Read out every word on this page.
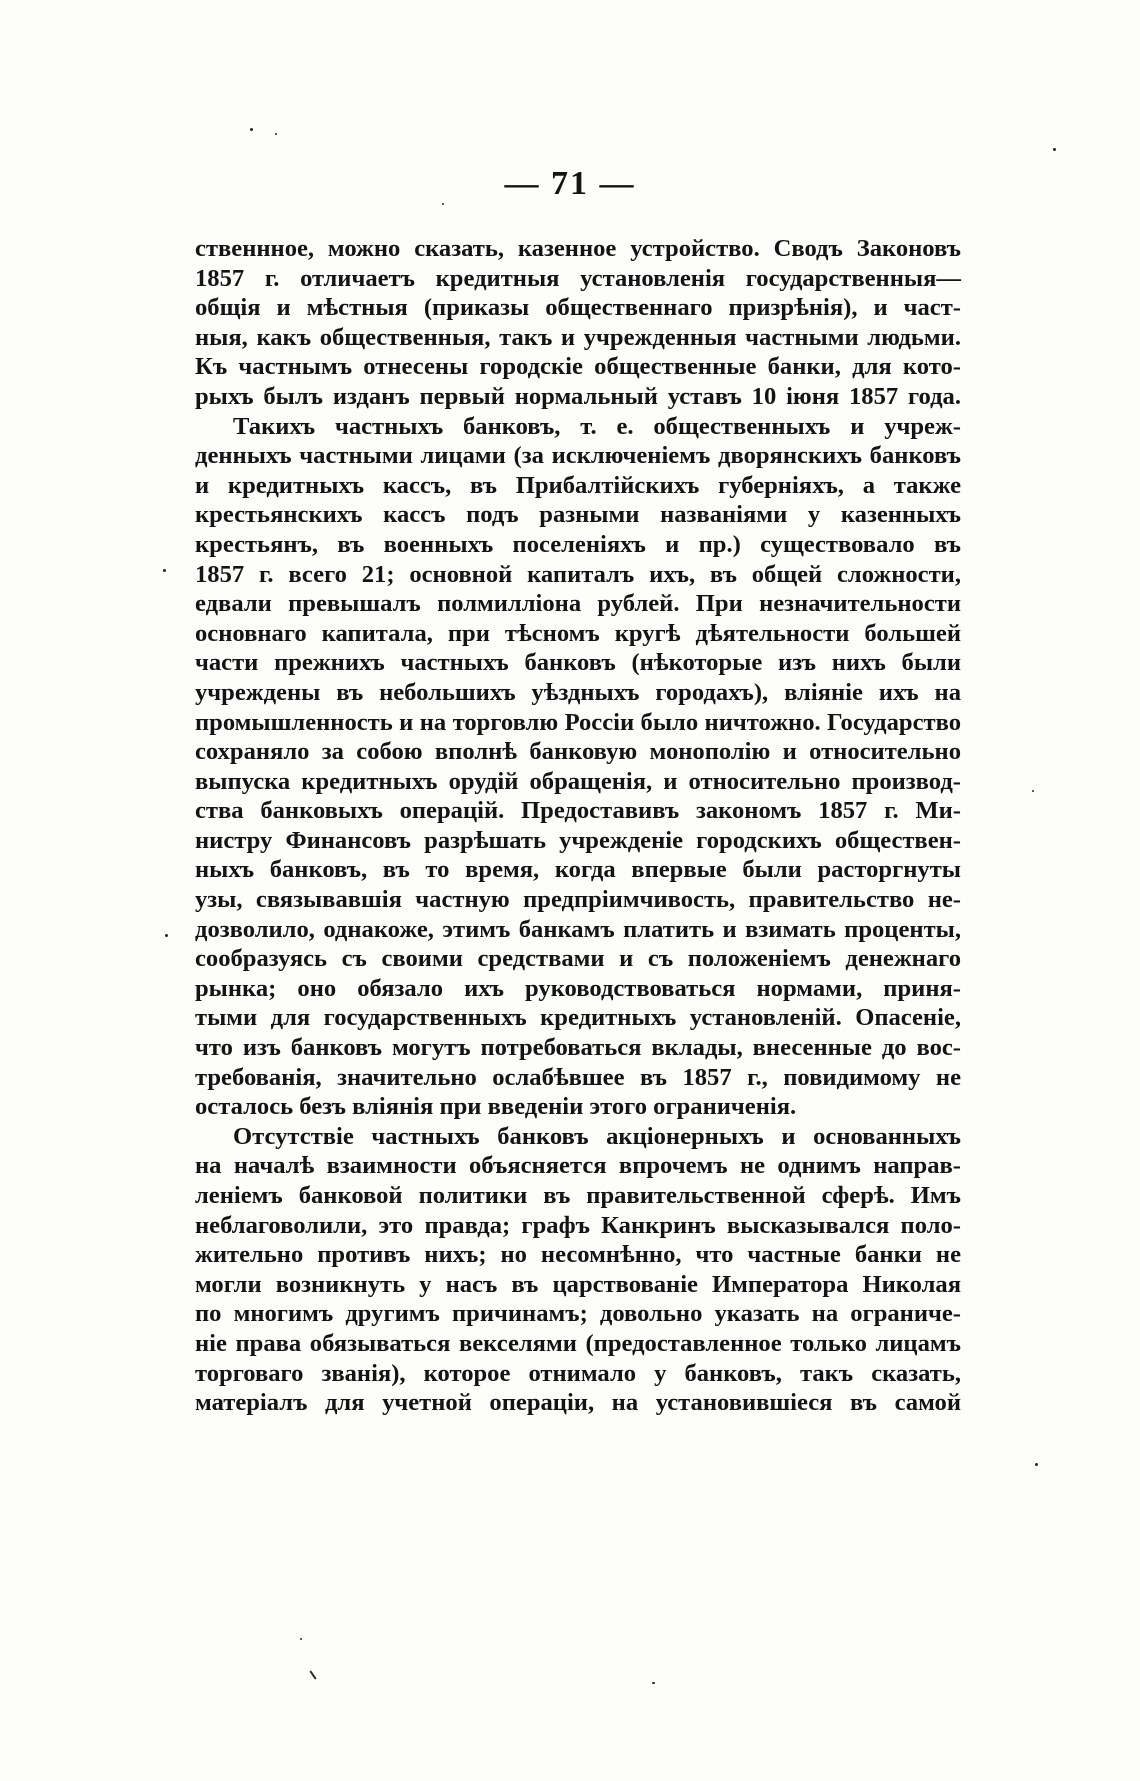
— 71 —

ственнное, можно сказать, казенное устройство. Сводъ Законовъ
1857 г. отличаетъ кредитныя установленія государственныя—
общія и мѣстныя (приказы общественнаго призрѣнія), и част-
ныя, какъ общественныя, такъ и учрежденныя частными людьми.
Къ частнымъ отнесены городскіе общественные банки, для кото-
рыхъ былъ изданъ первый нормальный уставъ 10 іюня 1857 года.

Такихъ частныхъ банковъ, т. е. общественныхъ и учреж-
денныхъ частными лицами (за исключеніемъ дворянскихъ банковъ
и кредитныхъ кассъ, въ Прибалтійскихъ губерніяхъ, а также
крестьянскихъ кассъ подъ разными названіями у казенныхъ
крестьянъ, въ военныхъ поселеніяхъ и пр.) существовало въ
1857 г. всего 21; основной капиталъ ихъ, въ общей сложности,
едвали превышалъ полмилліона рублей. При незначительности
основнаго капитала, при тѣсномъ кругѣ дѣятельности большей
части прежнихъ частныхъ банковъ (нѣкоторые изъ нихъ были
учреждены въ небольшихъ уѣздныхъ городахъ), вліяніе ихъ на
промышленность и на торговлю Россіи было ничтожно. Государство
сохраняло за собою вполнѣ банковую монополію и относительно
выпуска кредитныхъ орудій обращенія, и относительно производ-
ства банковыхъ операцій. Предоставивъ закономъ 1857 г. Ми-
нистру Финансовъ разрѣшать учрежденіе городскихъ обществен-
ныхъ банковъ, въ то время, когда впервые были расторгнуты
узы, связывавшія частную предпріимчивость, правительство не-
дозволило, однакоже, этимъ банкамъ платить и взимать проценты,
сообразуясь съ своими средствами и съ положеніемъ денежнаго
рынка; оно обязало ихъ руководствоваться нормами, приня-
тыми для государственныхъ кредитныхъ установленій. Опасеніе,
что изъ банковъ могутъ потребоваться вклады, внесенные до вос-
требованія, значительно ослабѣвшее въ 1857 г., повидимому не
осталось безъ вліянія при введеніи этого ограниченія.

Отсутствіе частныхъ банковъ акціонерныхъ и основанныхъ
на началѣ взаимности объясняется впрочемъ не однимъ направ-
леніемъ банковой политики въ правительственной сферѣ. Имъ
неблаговолили, это правда; графъ Канкринъ высказывался поло-
жительно противъ нихъ; но несомнѣнно, что частные банки не
могли возникнуть у насъ въ царствованіе Императора Николая
по многимъ другимъ причинамъ; довольно указать на ограниче-
ніе права обязываться векселями (предоставленное только лицамъ
торговаго званія), которое отнимало у банковъ, такъ сказать,
матеріалъ для учетной операціи, на установившіеся въ самой
